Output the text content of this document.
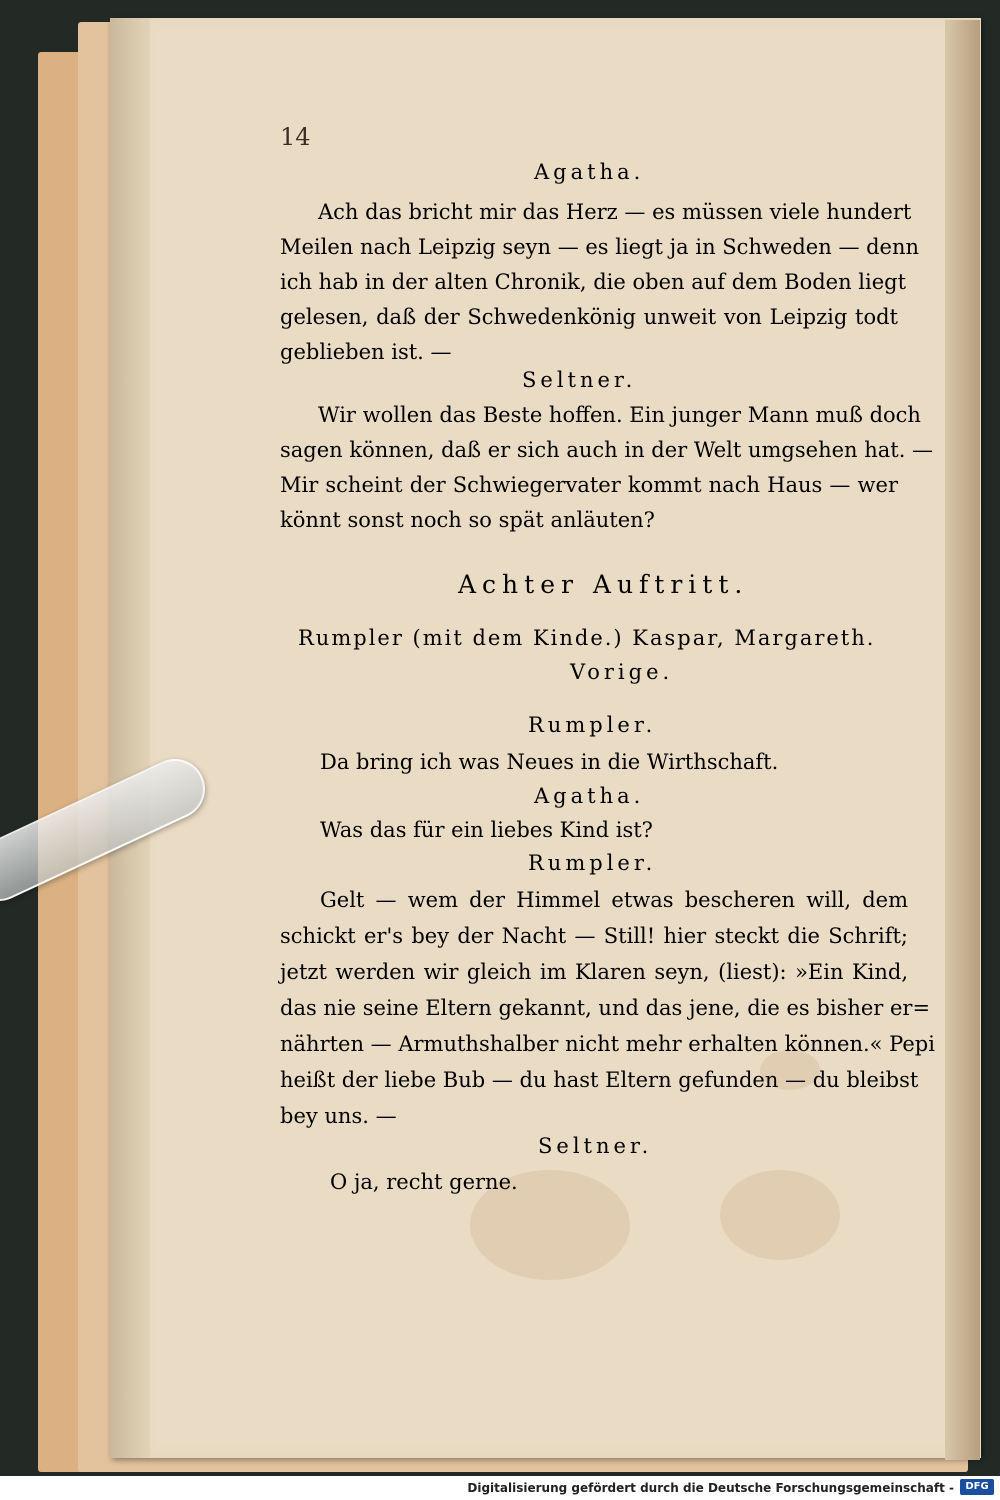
14
Agatha.
Ach das bricht mir das Herz — es müssen viele hundert
Meilen nach Leipzig seyn — es liegt ja in Schweden — denn
ich hab in der alten Chronik, die oben auf dem Boden liegt
gelesen, daß der Schwedenkönig unweit von Leipzig todt
geblieben ist. —
Seltner.
Wir wollen das Beste hoffen. Ein junger Mann muß doch
sagen können, daß er sich auch in der Welt umgsehen hat. —
Mir scheint der Schwiegervater kommt nach Haus — wer
könnt sonst noch so spät anläuten?
Achter Auftritt.
Rumpler (mit dem Kinde.) Kaspar, Margareth.
Vorige.
Rumpler.
Da bring ich was Neues in die Wirthschaft.
Agatha.
Was das für ein liebes Kind ist?
Rumpler.
Gelt — wem der Himmel etwas bescheren will, dem
schickt er's bey der Nacht — Still! hier steckt die Schrift;
jetzt werden wir gleich im Klaren seyn, (liest): »Ein Kind,
das nie seine Eltern gekannt, und das jene, die es bisher er=
nährten — Armuthshalber nicht mehr erhalten können.« Pepi
heißt der liebe Bub — du hast Eltern gefunden — du bleibst
bey uns. —
Seltner.
O ja, recht gerne.
Digitalisierung gefördert durch die Deutsche Forschungsgemeinschaft -	DFG
